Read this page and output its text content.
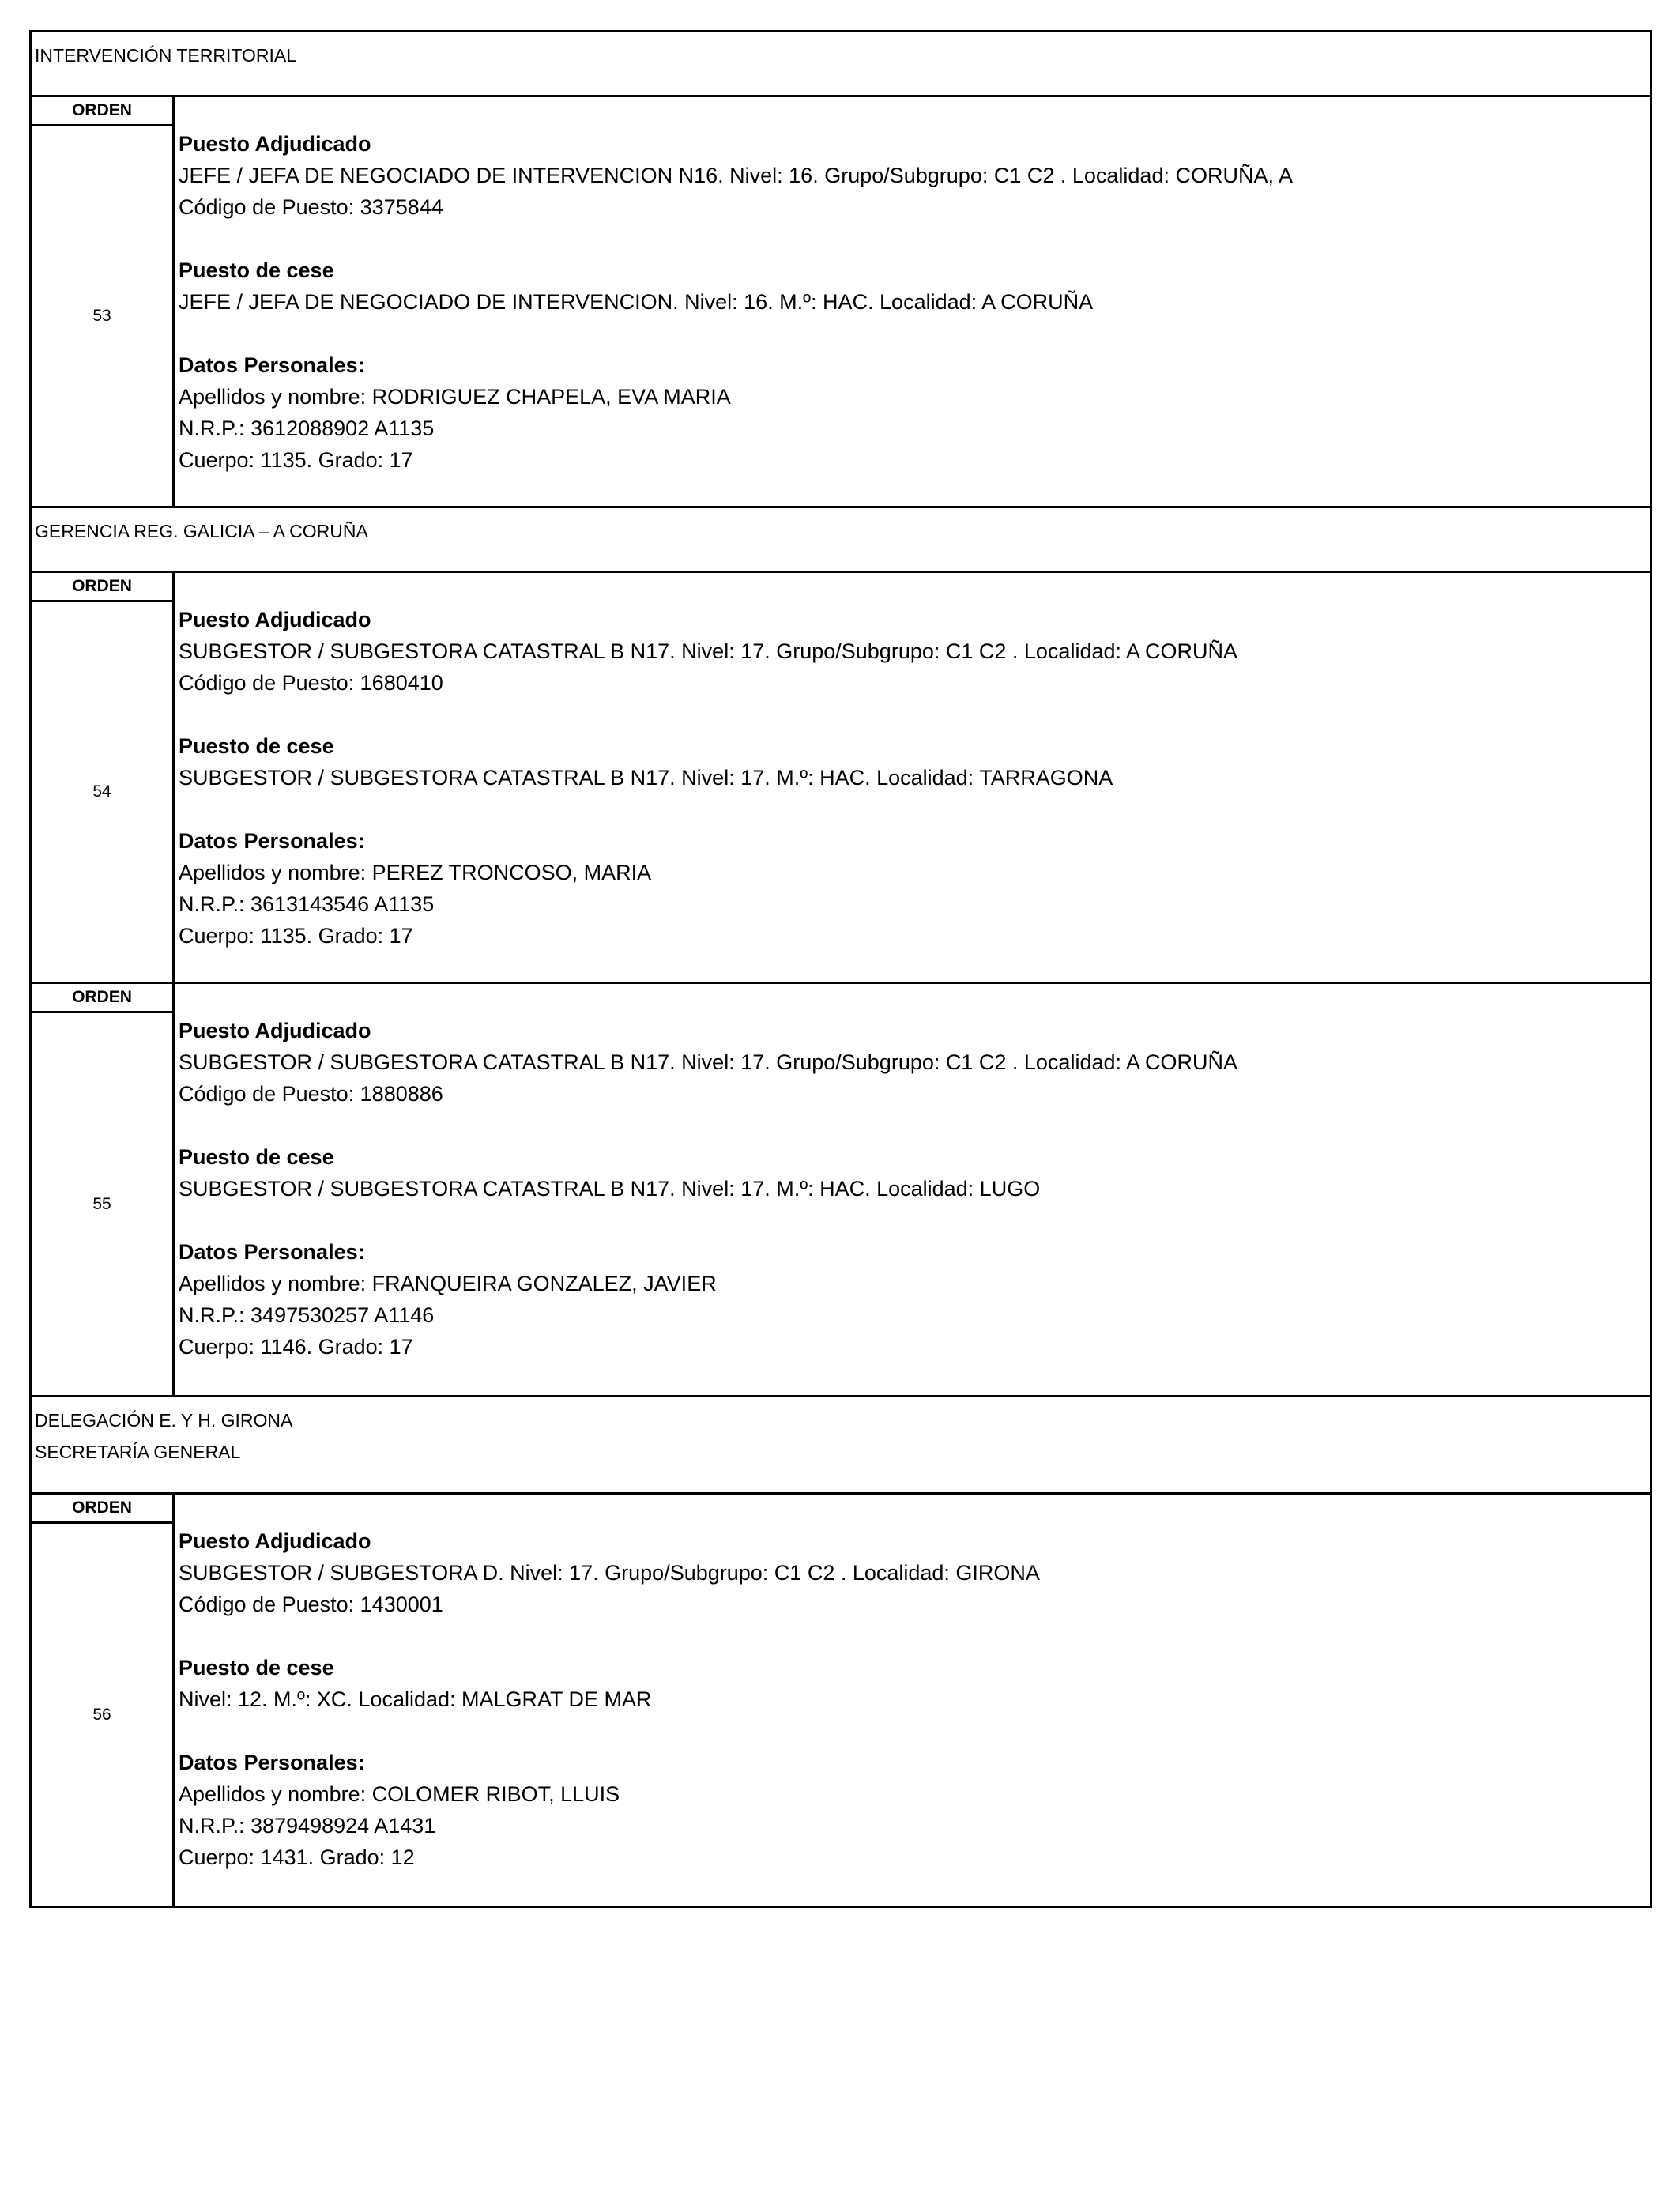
INTERVENCIÓN TERRITORIAL
ORDEN
53
Puesto Adjudicado
JEFE / JEFA DE NEGOCIADO DE INTERVENCION N16. Nivel: 16. Grupo/Subgrupo: C1 C2 . Localidad: CORUÑA, A
Código de Puesto: 3375844
Puesto de cese
JEFE / JEFA DE NEGOCIADO DE INTERVENCION. Nivel: 16. M.º: HAC. Localidad: A CORUÑA
Datos Personales:
Apellidos y nombre: RODRIGUEZ CHAPELA, EVA MARIA
N.R.P.: 3612088902 A1135
Cuerpo: 1135. Grado: 17
GERENCIA REG. GALICIA – A CORUÑA
ORDEN
54
Puesto Adjudicado
SUBGESTOR / SUBGESTORA CATASTRAL B N17. Nivel: 17. Grupo/Subgrupo: C1 C2 . Localidad: A CORUÑA
Código de Puesto: 1680410
Puesto de cese
SUBGESTOR / SUBGESTORA CATASTRAL B N17. Nivel: 17. M.º: HAC. Localidad: TARRAGONA
Datos Personales:
Apellidos y nombre: PEREZ TRONCOSO, MARIA
N.R.P.: 3613143546 A1135
Cuerpo: 1135. Grado: 17
ORDEN
55
Puesto Adjudicado
SUBGESTOR / SUBGESTORA CATASTRAL B N17. Nivel: 17. Grupo/Subgrupo: C1 C2 . Localidad: A CORUÑA
Código de Puesto: 1880886
Puesto de cese
SUBGESTOR / SUBGESTORA CATASTRAL B N17. Nivel: 17. M.º: HAC. Localidad: LUGO
Datos Personales:
Apellidos y nombre: FRANQUEIRA GONZALEZ, JAVIER
N.R.P.: 3497530257 A1146
Cuerpo: 1146. Grado: 17
DELEGACIÓN E. Y H. GIRONA
SECRETARÍA GENERAL
ORDEN
56
Puesto Adjudicado
SUBGESTOR / SUBGESTORA D. Nivel: 17. Grupo/Subgrupo: C1 C2 . Localidad: GIRONA
Código de Puesto: 1430001
Puesto de cese
Nivel: 12. M.º: XC. Localidad: MALGRAT DE MAR
Datos Personales:
Apellidos y nombre: COLOMER RIBOT, LLUIS
N.R.P.: 3879498924 A1431
Cuerpo: 1431. Grado: 12
